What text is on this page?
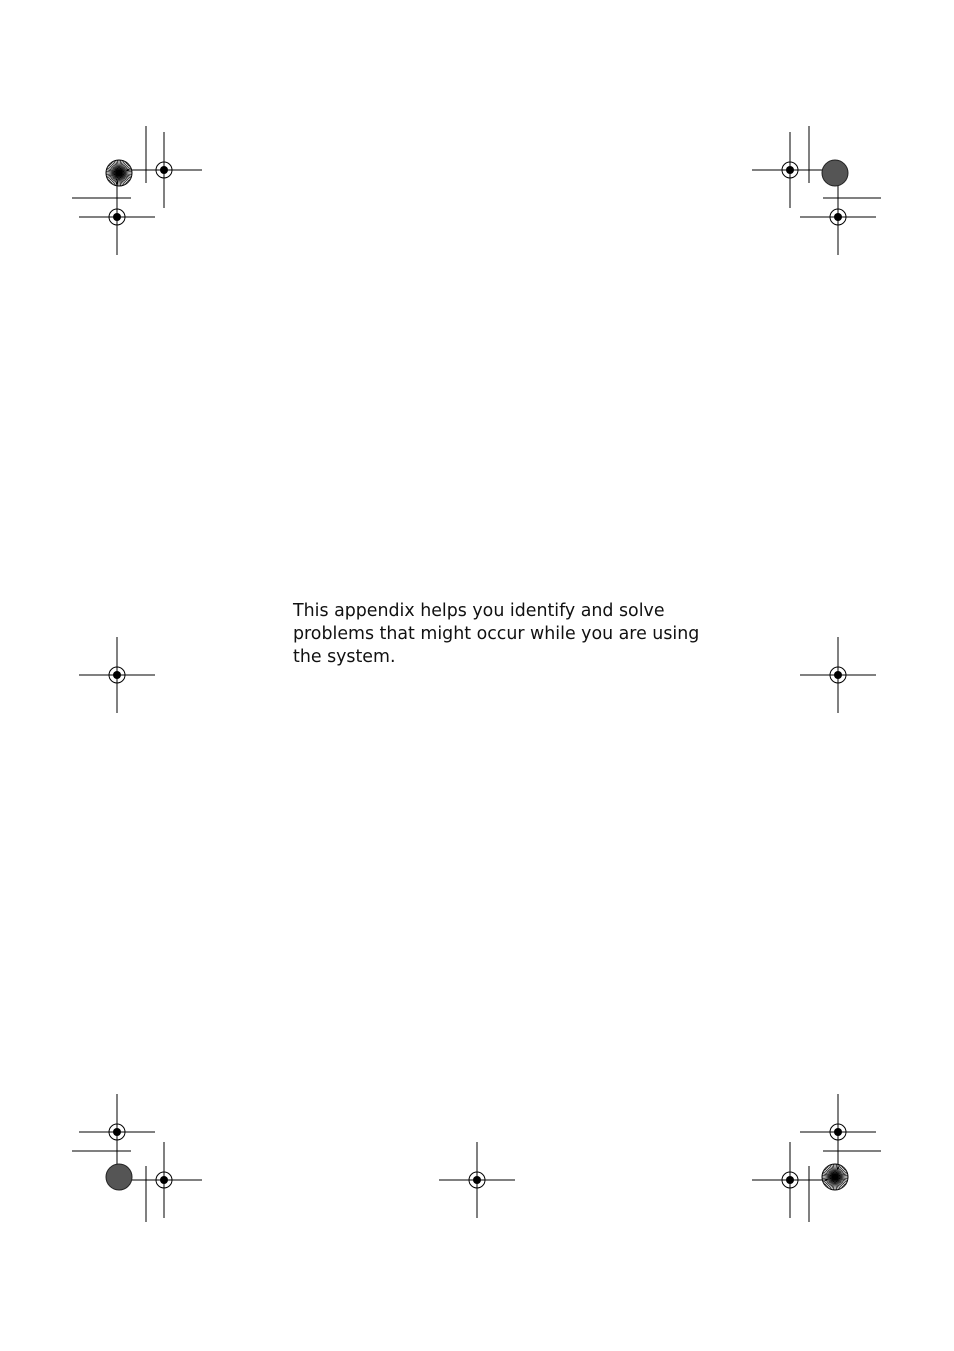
This appendix helps you identify and solve problems that might occur while you are using the system.
